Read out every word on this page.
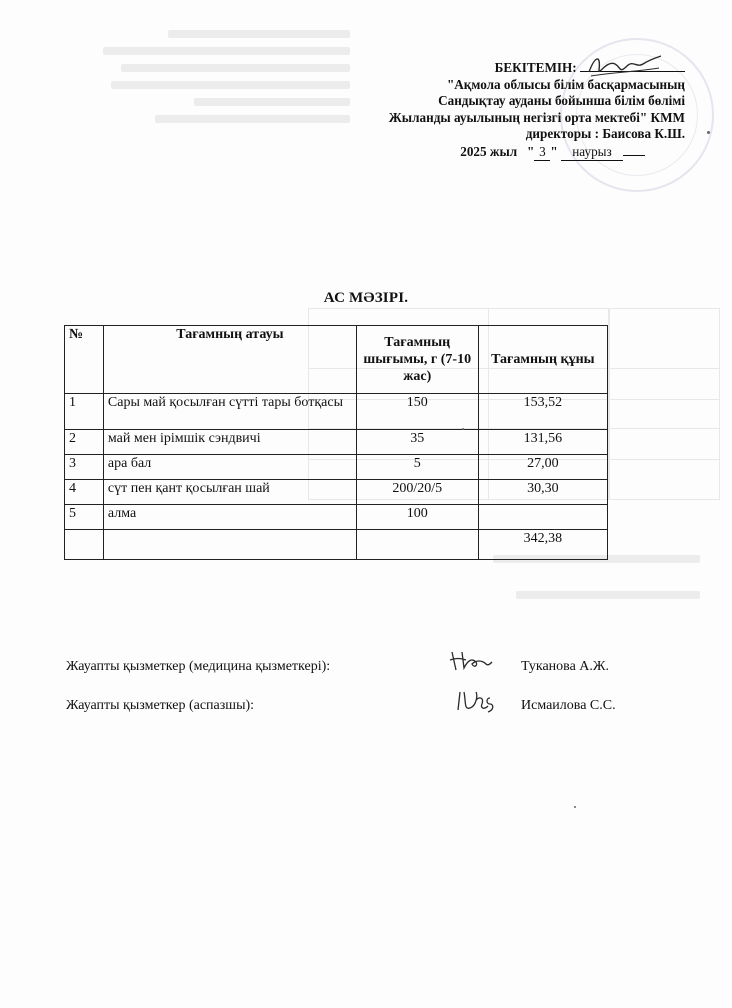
БЕКІТЕМІН:
"Ақмола облысы білім басқармасының
Сандықтау ауданы бойынша білім бөлімі
Жыланды ауылының негізгі орта мектебі" КММ
директоры : Баисова К.Ш.
2025 жыл   " 3 " наурыз
АС МӘЗІРІ.
№	Тағамның атауы	Тағамның шығымы, г (7-10 жас)	Тағамның құны
1	Сары май қосылған сүтті тары ботқасы	150	153,52
2	май мен ірімшік сэндвичі	35	131,56
3	ара бал	5	27,00
4	сүт пен қант қосылған шай	200/20/5	30,30
5	алма	100	
			342,38
Жауапты қызметкер (медицина қызметкері):	Туканова А.Ж.
Жауапты қызметкер (аспазшы):	Исмаилова С.С.
